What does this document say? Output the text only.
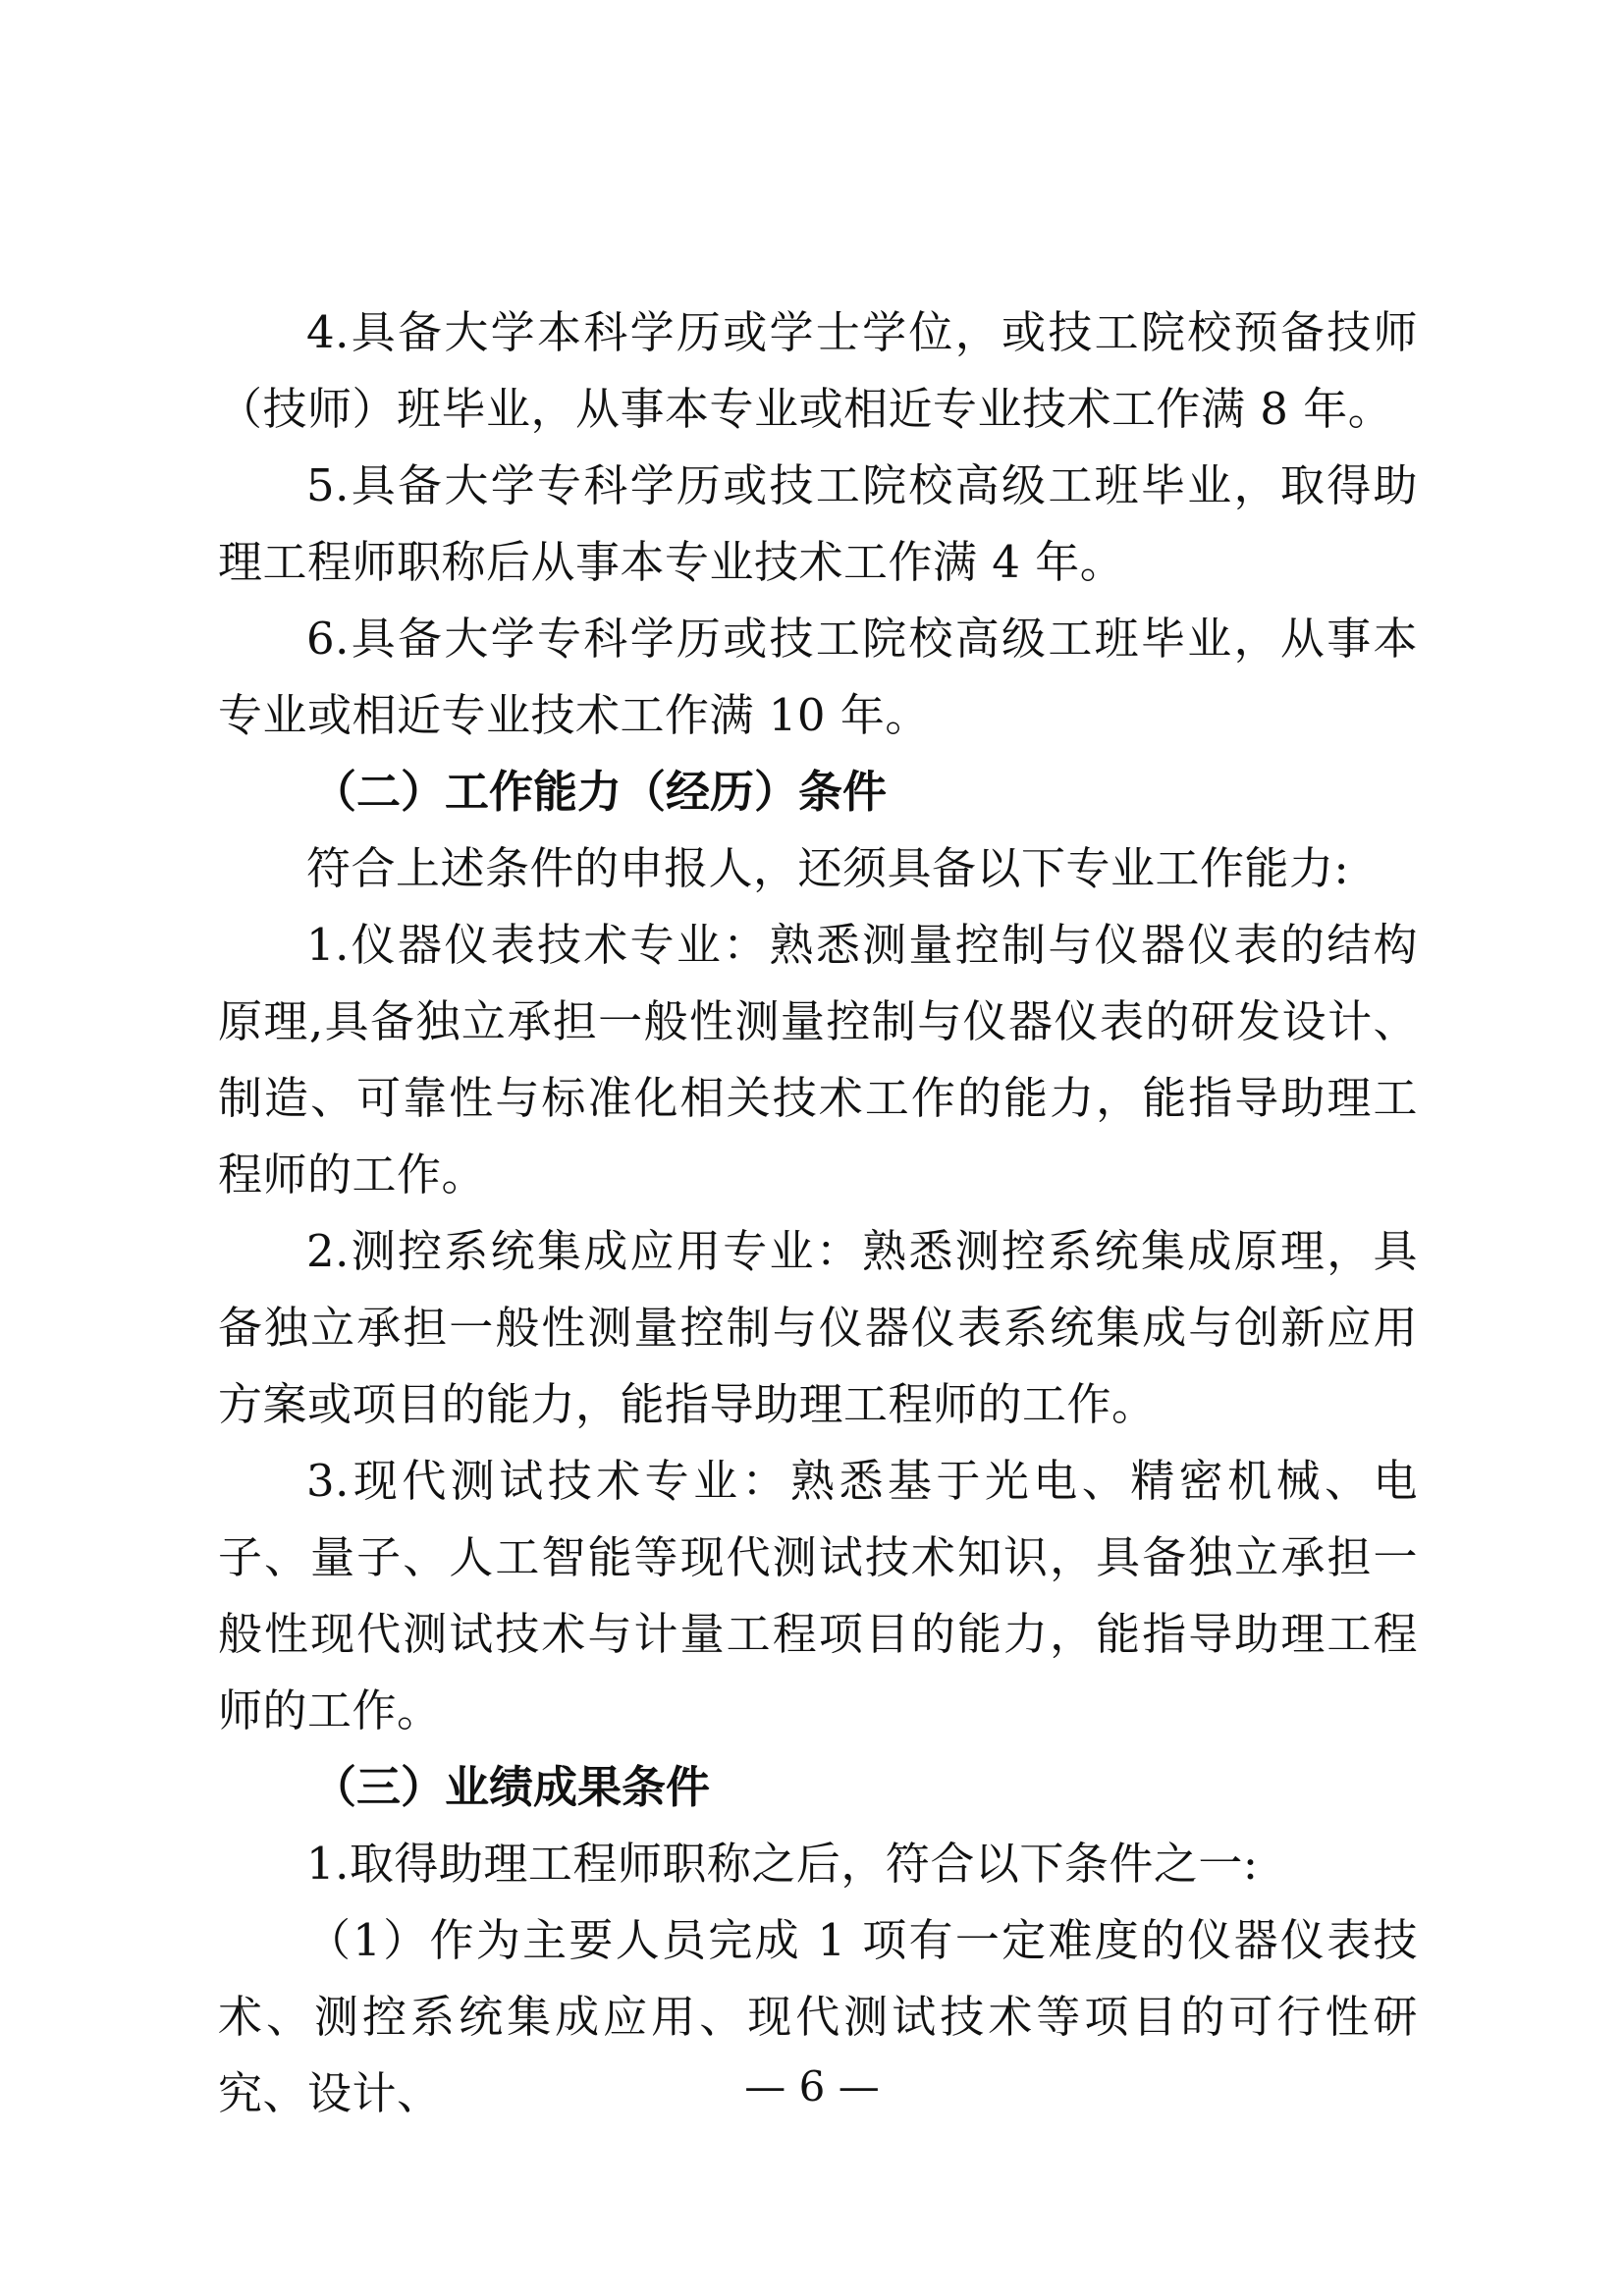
4.具备大学本科学历或学士学位，或技工院校预备技师（技师）班毕业，从事本专业或相近专业技术工作满 8 年。

5.具备大学专科学历或技工院校高级工班毕业，取得助理工程师职称后从事本专业技术工作满 4 年。

6.具备大学专科学历或技工院校高级工班毕业，从事本专业或相近专业技术工作满 10 年。

（二）工作能力（经历）条件

符合上述条件的申报人，还须具备以下专业工作能力:

1.仪器仪表技术专业：熟悉测量控制与仪器仪表的结构原理,具备独立承担一般性测量控制与仪器仪表的研发设计、制造、可靠性与标准化相关技术工作的能力，能指导助理工程师的工作。

2.测控系统集成应用专业：熟悉测控系统集成原理，具备独立承担一般性测量控制与仪器仪表系统集成与创新应用方案或项目的能力，能指导助理工程师的工作。

3.现代测试技术专业：熟悉基于光电、精密机械、电子、量子、人工智能等现代测试技术知识，具备独立承担一般性现代测试技术与计量工程项目的能力，能指导助理工程师的工作。

（三）业绩成果条件

1.取得助理工程师职称之后，符合以下条件之一:

（1）作为主要人员完成 1 项有一定难度的仪器仪表技术、测控系统集成应用、现代测试技术等项目的可行性研究、设计、	— 6 —
